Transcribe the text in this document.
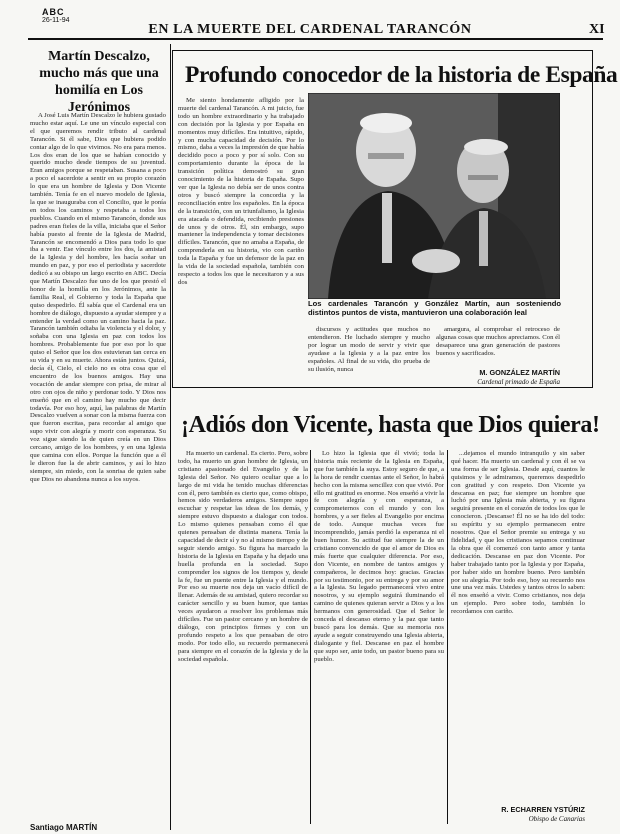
ABC
26-11-94
EN LA MUERTE DEL CARDENAL TARANCÓN	XI
Martín Descalzo, mucho más que una homilía en Los Jerónimos

A José Luis Martín Descalzo le hubiera gustado mucho estar aquí. Le une un vínculo especial con el que queremos rendir tributo al cardenal Tarancón. Si él sabe, Dios que hubiera podido contar algo de lo que vivimos. No era para menos. Los dos eran de los que se habían conocido y querido mucho desde tiempos de su juventud. Eran amigos porque se respetaban. Susana a poco a poco el sacerdote a sentir en su propio corazón lo que era un hombre de Iglesia y Don Vicente también. Tenía fe en el nuevo modelo de Iglesia, la que se inauguraba con el Concilio, que le ponía en todos los caminos y respetaba a todos los pueblos. Cuando en el mismo Tarancón, donde sus padres eran fieles de la villa, iniciaba que el Señor había puesto al frente de la Iglesia de Madrid, Tarancón se encomendó a Dios para todo lo que iba a venir. Ese vínculo entre los dos, la amistad de la Iglesia y del hombre, les hacía soñar un mundo en paz, y por eso el periodista y sacerdote dedicó a su obispo un largo escrito en ABC. Decía que Martín Descalzo fue uno de los que prestó el honor de la homilía en los Jerónimos, ante la familia Real, el Gobierno y toda la España que quiso despedirlo. Él sabía que el Cardenal era un hombre de diálogo, dispuesto a ayudar siempre y a entender la verdad como un camino hacia la paz. Tarancón también odiaba la violencia y el dolor, y soñaba con una Iglesia en paz con todos los hombres. Probablemente fue por eso por lo que quiso el Señor que los dos estuvieran tan cerca en su vida y en su muerte. Ahora están juntos. Quizá, decía él, Cielo, el cielo no es otra cosa que el encuentro de los buenos amigos. Hay una vocación de andar siempre con prisa, de mirar al otro con ojos de niño y perdonar todo. Y Dios nos enseñó que en el camino hay mucho que decir todavía. Por eso hoy, aquí, las palabras de Martín Descalzo vuelven a sonar con la misma fuerza con que fueron escritas, para recordar al amigo que supo vivir con alegría y morir con esperanza. Su voz sigue siendo la de quien creía en un Dios cercano, amigo de los hombres, y en una Iglesia que camina con ellos. Porque la función que a él le dieron fue la de abrir caminos, y así lo hizo siempre, sin miedo, con la sonrisa de quien sabe que Dios no abandona nunca a los suyos.

Santiago MARTÍN
Profundo conocedor de la historia de España

Me siento hondamente afligido por la muerte del cardenal Tarancón. A mi juicio, fue todo un hombre extraordinario y ha trabajado con decisión por la Iglesia y por España en momentos muy difíciles. Era intuitivo, rápido, y con mucha capacidad de decisión. Por lo mismo, daba a veces la impresión de que había decidido poco a poco y por sí solo. Con su comportamiento durante la época de la transición política demostró su gran conocimiento de la historia de España. Supo ver que la Iglesia no debía ser de unos contra otros y buscó siempre la concordia y la reconciliación entre los españoles. En la época de la transición, con un triunfalismo, la Iglesia era atacada o defendida, recibiendo presiones de unos y de otros. Él, sin embargo, supo mantener la independencia y tomar decisiones difíciles. Tarancón, que no amaba a España, de comprenderla en su historia, vio con cariño toda la España y fue un defensor de la paz en la vida de la sociedad española, también con respecto a todos los que le necesitaron y a sus dos

Los cardenales Tarancón y González Martín, aun sosteniendo distintos puntos de vista, mantuvieron una colaboración leal

discursos y actitudes que muchos no entendieron. He luchado siempre y mucho por lograr un modo de servir y vivir que ayudase a la Iglesia y a la paz entre los españoles. Al final de su vida, dio prueba de su ilusión, nunca

amargura, al comprobar el retroceso de algunas cosas que muchos apreciamos. Con él desaparece una gran generación de pastores buenos y sacrificados.

M. GONZÁLEZ MARTÍN
Cardenal primado de España
¡Adiós don Vicente, hasta que Dios quiera!

Ha muerto un cardenal. Es cierto. Pero, sobre todo, ha muerto un gran hombre de Iglesia, un cristiano apasionado del Evangelio y de la Iglesia del Señor. No quiero ocultar que a lo largo de mi vida he tenido muchas diferencias con él, pero también es cierto que, como obispo, hemos sido verdaderos amigos. Siempre supo escuchar y respetar las ideas de los demás, y siempre estuvo dispuesto a dialogar con todos. Lo mismo quienes pensaban como él que quienes pensaban de distinta manera. Tenía la capacidad de decir sí y no al mismo tiempo y de seguir siendo amigo. Su figura ha marcado la historia de la Iglesia en España y ha dejado una huella profunda en la sociedad. Supo comprender los signos de los tiempos y, desde la fe, fue un puente entre la Iglesia y el mundo. Por eso su muerte nos deja un vacío difícil de llenar. Además de su amistad, quiero recordar su carácter sencillo y su buen humor, que tantas veces ayudaron a resolver los problemas más difíciles. Fue un pastor cercano y un hombre de diálogo, con principios firmes y con un profundo respeto a los que pensaban de otro modo. Por todo ello, su recuerdo permanecerá para siempre en el corazón de la Iglesia y de la sociedad española.

Lo hizo la Iglesia que él vivió; toda la historia más reciente de la Iglesia en España, que fue también la suya. Estoy seguro de que, a la hora de rendir cuentas ante el Señor, lo habrá hecho con la misma sencillez con que vivió. Por ello mi gratitud es enorme. Nos enseñó a vivir la fe con alegría y con esperanza, a comprometernos con el mundo y con los hombres, y a ser fieles al Evangelio por encima de todo. Aunque muchas veces fue incomprendido, jamás perdió la esperanza ni el buen humor. Su actitud fue siempre la de un cristiano convencido de que el amor de Dios es más fuerte que cualquier diferencia. Por eso, don Vicente, en nombre de tantos amigos y compañeros, le decimos hoy: gracias. Gracias por su testimonio, por su entrega y por su amor a la Iglesia. Su legado permanecerá vivo entre nosotros, y su ejemplo seguirá iluminando el camino de quienes quieran servir a Dios y a los hermanos con generosidad. Que el Señor le conceda el descanso eterno y la paz que tanto buscó para los demás. Que su memoria nos ayude a seguir construyendo una Iglesia abierta, dialogante y fiel. Descanse en paz el hombre que supo ser, ante todo, un pastor bueno para su pueblo.

...dejamos el mundo intranquilo y sin saber qué hacer. Ha muerto un cardenal y con él se va una forma de ser Iglesia. Desde aquí, cuantos le quisimos y le admiramos, queremos despedirlo con gratitud y con respeto. Don Vicente ya descansa en paz; fue siempre un hombre que luchó por una Iglesia más abierta, y su figura seguirá presente en el corazón de todos los que le conocieron. ¡Descanse! Él no se ha ido del todo: su espíritu y su ejemplo permanecen entre nosotros. Que el Señor premie su entrega y su fidelidad, y que los cristianos sepamos continuar la obra que él comenzó con tanto amor y tanta dedicación. Descanse en paz don Vicente. Por haber trabajado tanto por la Iglesia y por España, por haber sido un hombre bueno. Pero también por su alegría. Por todo eso, hoy su recuerdo nos une una vez más. Ustedes y tantos otros lo saben: él nos enseñó a vivir. Como cristianos, nos deja un ejemplo. Pero sobre todo, también lo recordamos con cariño.

R. ECHARREN YSTÚRIZ
Obispo de Canarias
